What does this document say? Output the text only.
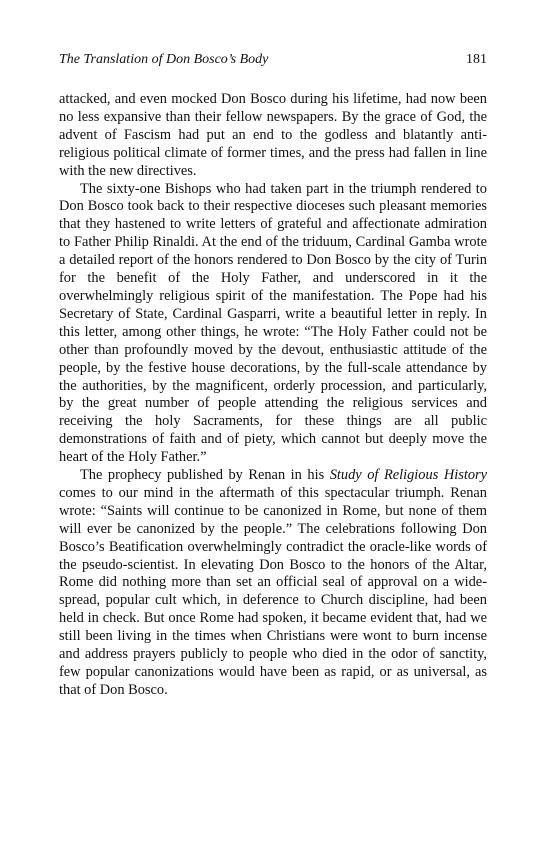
The Translation of Don Bosco’s Body	181

attacked, and even mocked Don Bosco during his lifetime, had now been no less expansive than their fellow newspapers. By the grace of God, the advent of Fascism had put an end to the godless and blatantly anti-religious political climate of former times, and the press had fallen in line with the new directives.

The sixty-one Bishops who had taken part in the triumph rendered to Don Bosco took back to their respective dioceses such pleasant memories that they hastened to write letters of grateful and affectionate admiration to Father Philip Rinaldi. At the end of the triduum, Cardinal Gamba wrote a detailed report of the honors rendered to Don Bosco by the city of Turin for the benefit of the Holy Father, and underscored in it the overwhelmingly religious spirit of the manifestation. The Pope had his Secretary of State, Cardinal Gasparri, write a beautiful letter in reply. In this letter, among other things, he wrote: “The Holy Father could not be other than profoundly moved by the devout, enthusiastic attitude of the people, by the festive house decorations, by the full-scale attendance by the authorities, by the magnificent, orderly procession, and particularly, by the great number of people attending the religious services and receiving the holy Sacraments, for these things are all public demonstrations of faith and of piety, which cannot but deeply move the heart of the Holy Father.”

The prophecy published by Renan in his Study of Religious History comes to our mind in the aftermath of this spectacular triumph. Renan wrote: “Saints will continue to be canonized in Rome, but none of them will ever be canonized by the people.” The celebrations following Don Bosco’s Beatification overwhelmingly contradict the oracle-like words of the pseudo-scientist. In elevating Don Bosco to the honors of the Altar, Rome did nothing more than set an official seal of approval on a wide-spread, popular cult which, in deference to Church discipline, had been held in check. But once Rome had spoken, it became evident that, had we still been living in the times when Christians were wont to burn incense and address prayers publicly to people who died in the odor of sanctity, few popular canonizations would have been as rapid, or as universal, as that of Don Bosco.
